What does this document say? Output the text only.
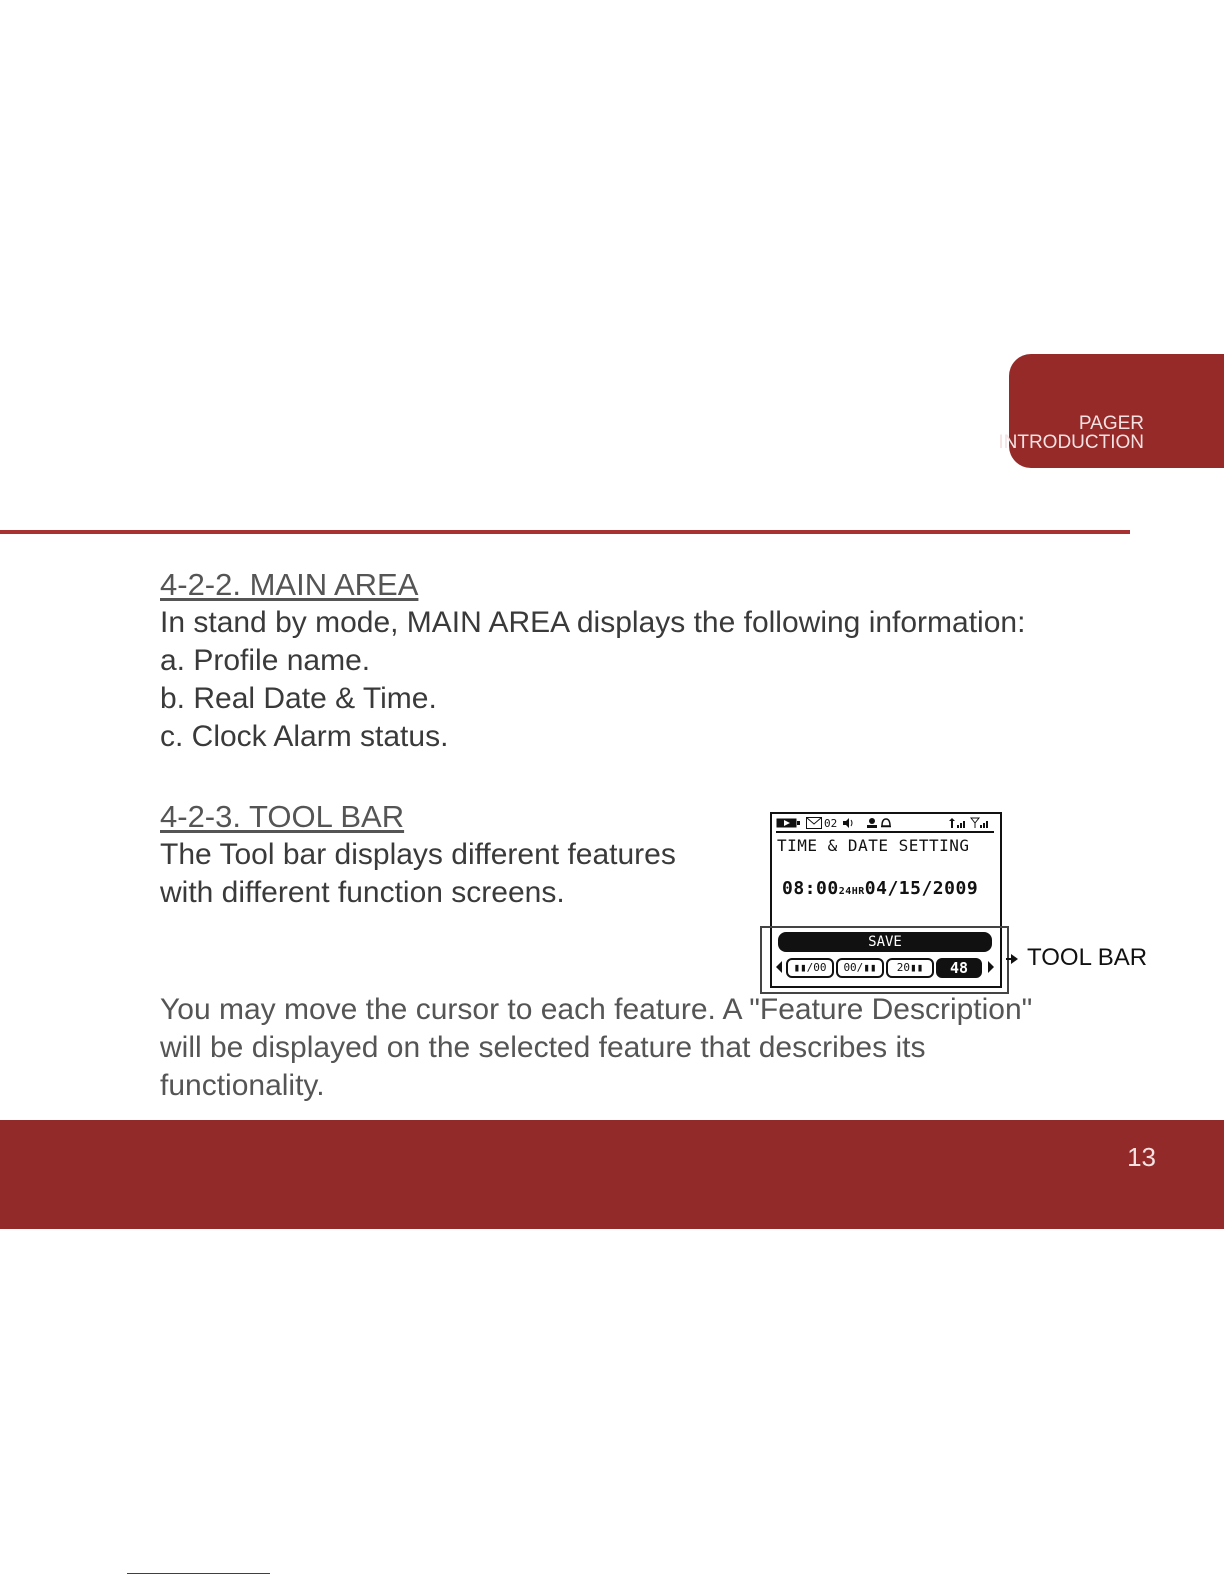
PAGER
INTRODUCTION
4-2-2. MAIN AREA

In stand by mode, MAIN AREA displays the following information:

a. Profile name.

b. Real Date & Time.

c. Clock Alarm status.

4-2-3. TOOL BAR

The Tool bar displays different features

with different function screens.

02
TIME & DATE SETTING
08:0024HR04/15/2009
SAVE
▮▮/00	00/▮▮	20▮▮	48	TOOL BAR

You may move the cursor to each feature. A "Feature Description"

will be displayed on the selected feature that describes its

functionality.

13
